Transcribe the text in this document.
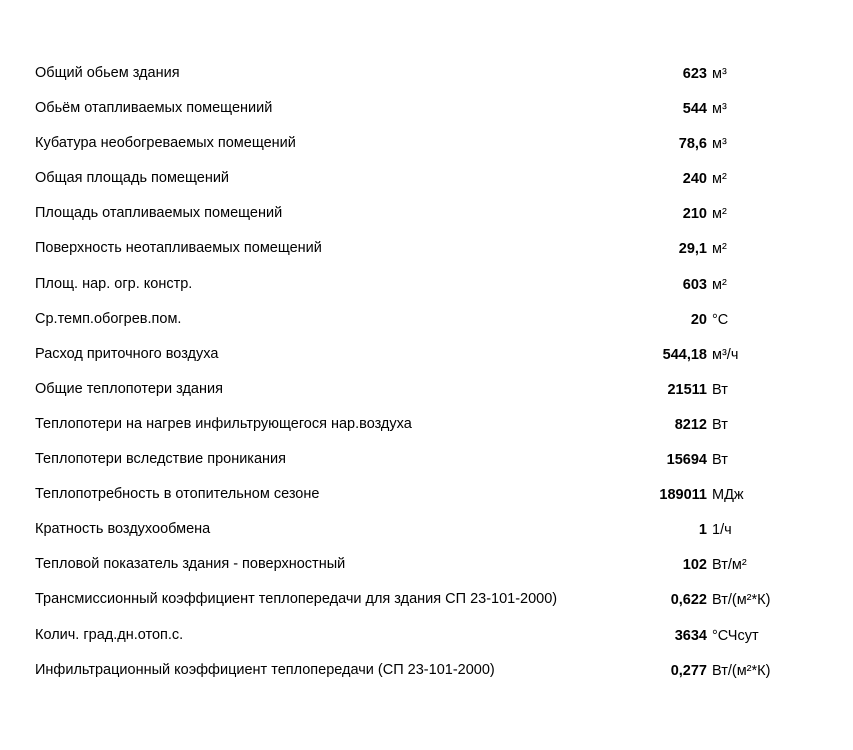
Общий обьем здания	623 м³
Обьём отапливаемых помещениий	544 м³
Кубатура необогреваемых помещений	78,6 м³
Общая площадь помещений	240 м²
Площадь отапливаемых помещений	210 м²
Поверхность неотапливаемых помещений	29,1 м²
Площ. нар. огр. констр.	603 м²
Ср.темп.обогрев.пом.	20 °С
Расход приточного воздуха	544,18 м³/ч
Общие теплопотери здания	21511 Вт
Теплопотери на нагрев инфильтрующегося нар.воздуха	8212 Вт
Теплопотери вследствие проникания	15694 Вт
Теплопотребность в отопительном сезоне	189011 МДж
Кратность воздухообмена	1 1/ч
Тепловой показатель здания - поверхностный	102 Вт/м²
Трансмиссионный коэффициент теплопередачи для здания СП 23-101-2000)	0,622 Вт/(м²*К)
Колич. град.дн.отоп.с.	3634 °СЧсут
Инфильтрационный коэффициент теплопередачи (СП 23-101-2000)	0,277 Вт/(м²*К)
